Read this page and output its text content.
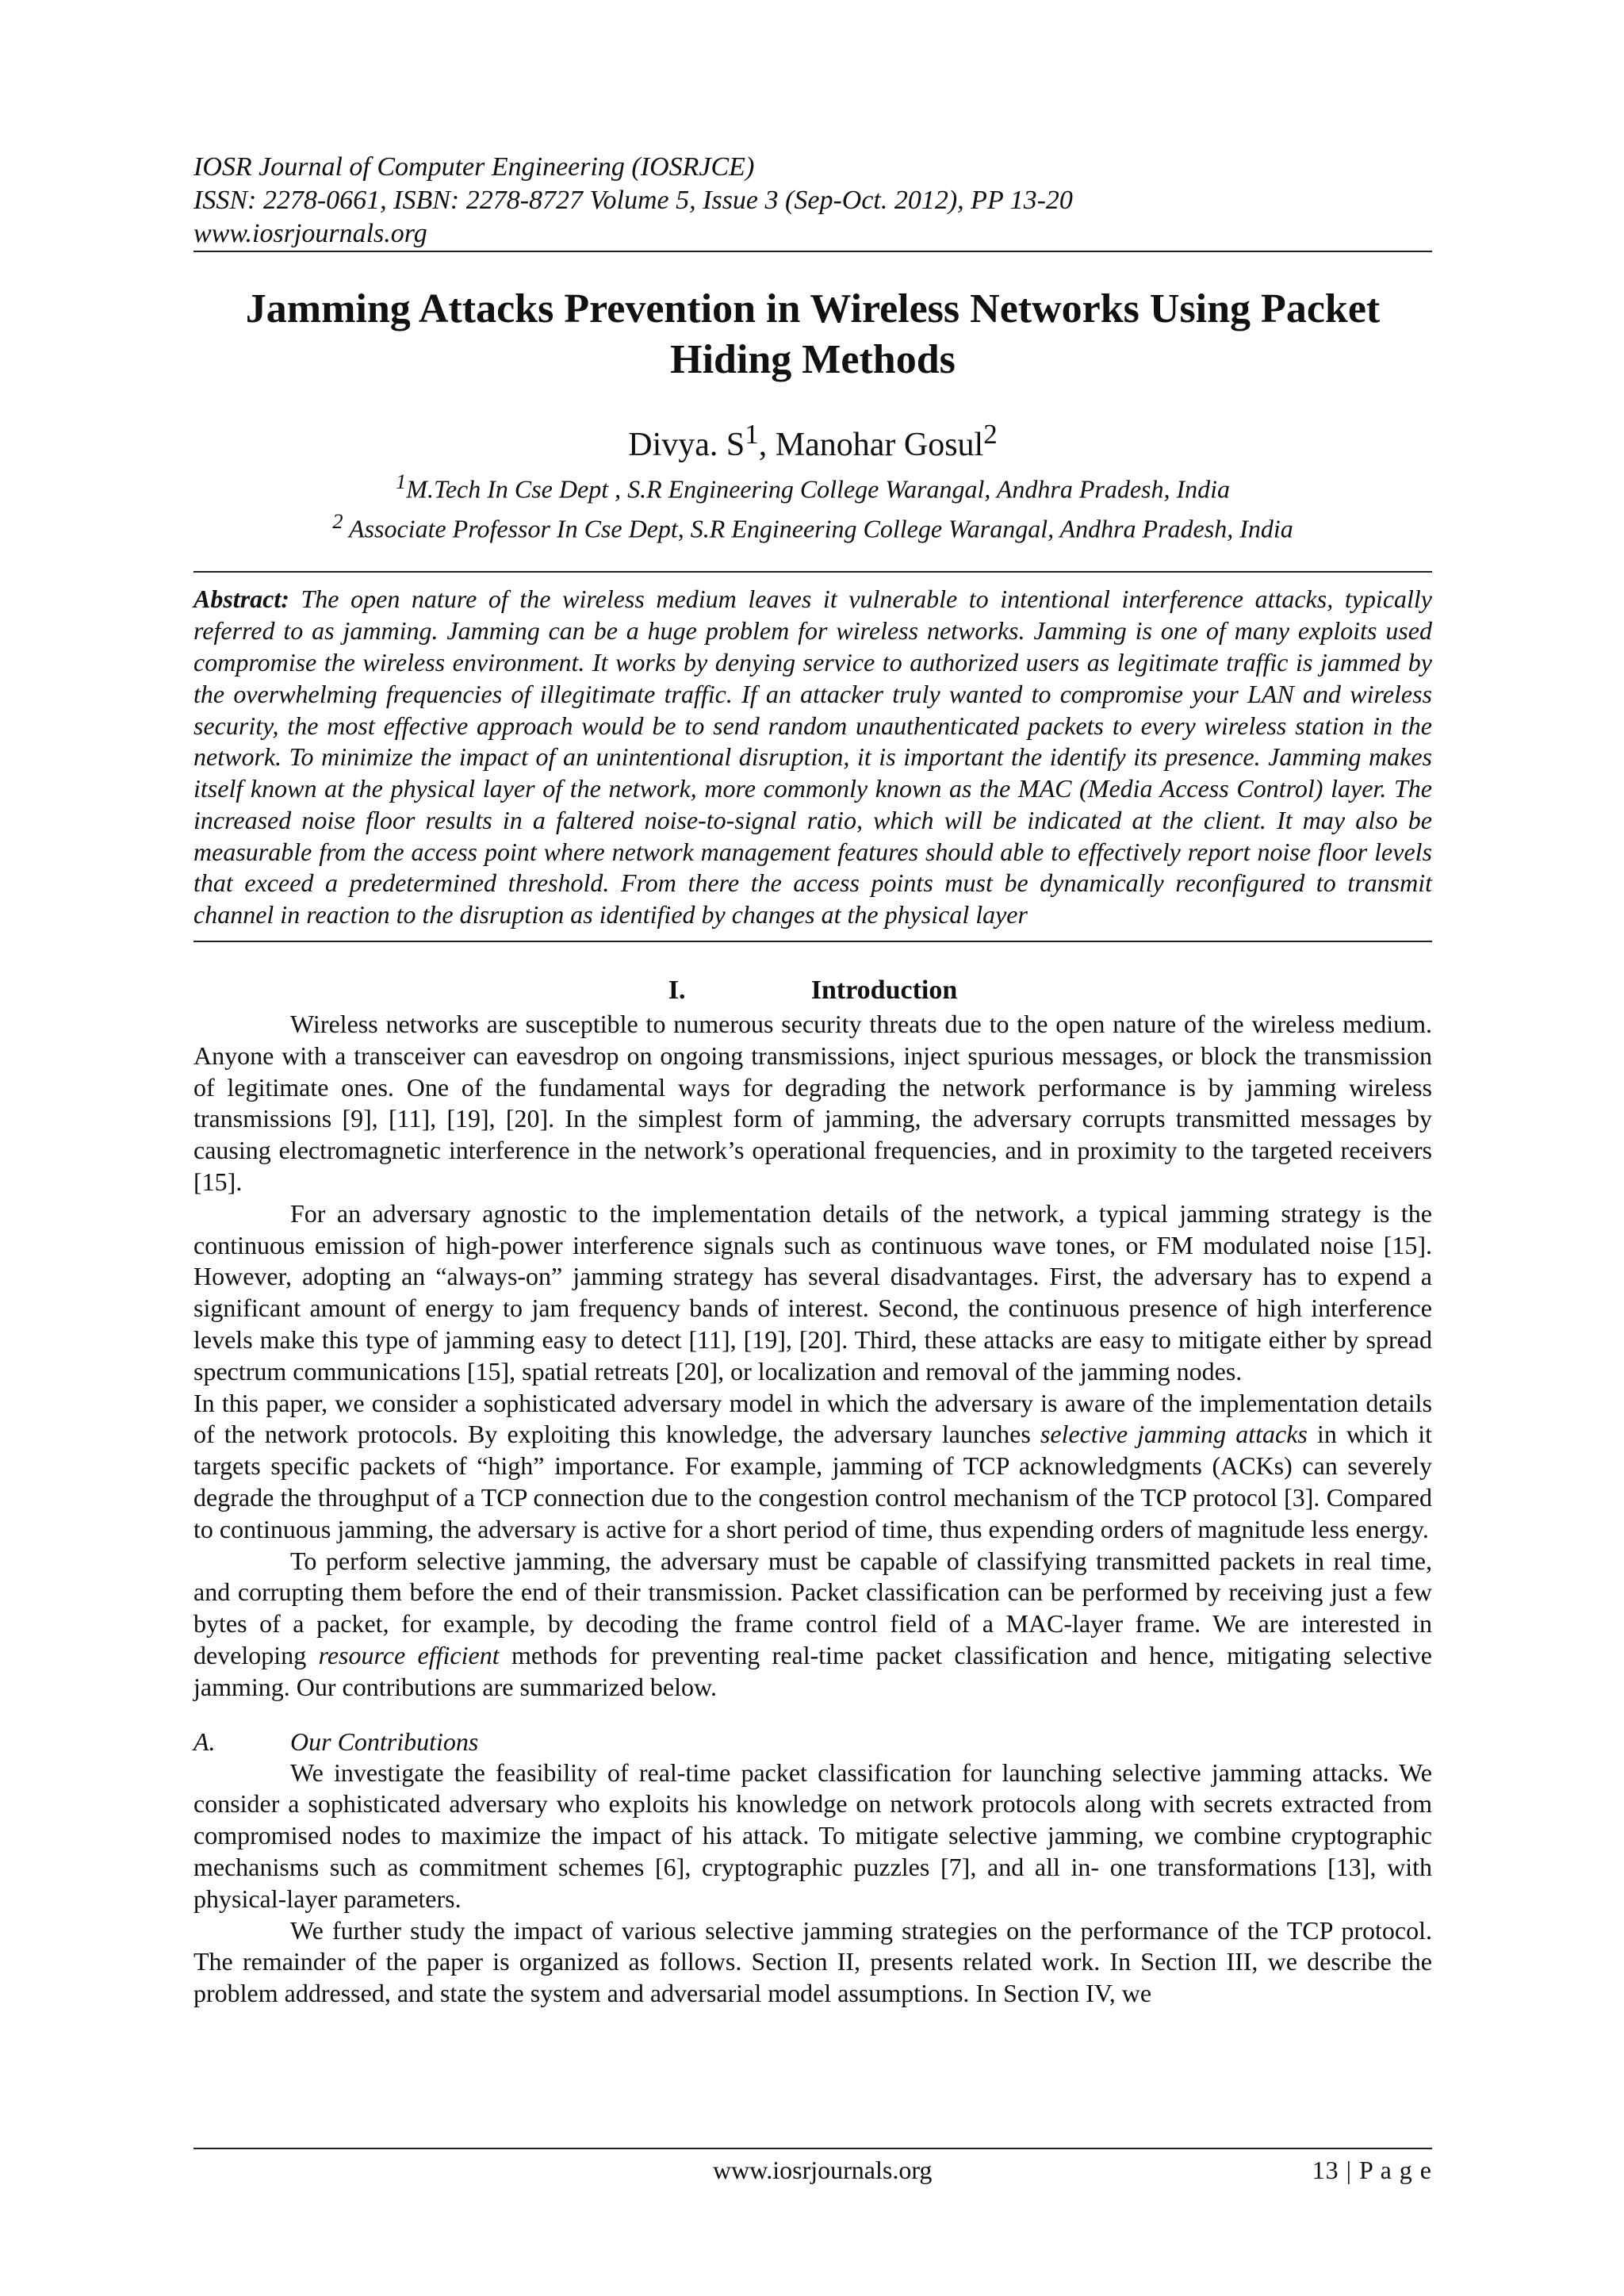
IOSR Journal of Computer Engineering (IOSRJCE)

ISSN: 2278-0661, ISBN: 2278-8727 Volume 5, Issue 3 (Sep-Oct. 2012), PP 13-20

www.iosrjournals.org

Jamming Attacks Prevention in Wireless Networks Using Packet
Hiding Methods
Divya. $S^1$, Manohar Gosul$^2$

$^1$M.Tech In Cse Dept , S.R Engineering College Warangal, Andhra Pradesh, India

$^2$ Associate Professor In Cse Dept, S.R Engineering College Warangal, Andhra Pradesh, India

Abstract: The open nature of the wireless medium leaves it vulnerable to intentional interference attacks, typically referred to as jamming. Jamming can be a huge problem for wireless networks. Jamming is one of many exploits used compromise the wireless environment. It works by denying service to authorized users as legitimate traffic is jammed by the overwhelming frequencies of illegitimate traffic. If an attacker truly wanted to compromise your LAN and wireless security, the most effective approach would be to send random unauthenticated packets to every wireless station in the network. To minimize the impact of an unintentional disruption, it is important the identify its presence. Jamming makes itself known at the physical layer of the network, more commonly known as the MAC (Media Access Control) layer. The increased noise floor results in a faltered noise-to-signal ratio, which will be indicated at the client. It may also be measurable from the access point where network management features should able to effectively report noise floor levels that exceed a predetermined threshold. From there the access points must be dynamically reconfigured to transmit channel in reaction to the disruption as identified by changes at the physical layer

I.	Introduction

Wireless networks are susceptible to numerous security threats due to the open nature of the wireless medium. Anyone with a transceiver can eavesdrop on ongoing transmissions, inject spurious messages, or block the transmission of legitimate ones. One of the fundamental ways for degrading the network performance is by jamming wireless transmissions [9], [11], [19], [20]. In the simplest form of jamming, the adversary corrupts transmitted messages by causing electromagnetic interference in the network’s operational frequencies, and in proximity to the targeted receivers [15].

For an adversary agnostic to the implementation details of the network, a typical jamming strategy is the continuous emission of high-power interference signals such as continuous wave tones, or FM modulated noise [15]. However, adopting an “always-on” jamming strategy has several disadvantages. First, the adversary has to expend a significant amount of energy to jam frequency bands of interest. Second, the continuous presence of high interference levels make this type of jamming easy to detect [11], [19], [20]. Third, these attacks are easy to mitigate either by spread spectrum communications [15], spatial retreats [20], or localization and removal of the jamming nodes.

In this paper, we consider a sophisticated adversary model in which the adversary is aware of the implementation details of the network protocols. By exploiting this knowledge, the adversary launches selective jamming attacks in which it targets specific packets of “high” importance. For example, jamming of TCP acknowledgments (ACKs) can severely degrade the throughput of a TCP connection due to the congestion control mechanism of the TCP protocol [3]. Compared to continuous jamming, the adversary is active for a short period of time, thus expending orders of magnitude less energy.

To perform selective jamming, the adversary must be capable of classifying transmitted packets in real time, and corrupting them before the end of their transmission. Packet classification can be performed by receiving just a few bytes of a packet, for example, by decoding the frame control field of a MAC-layer frame. We are interested in developing resource efficient methods for preventing real-time packet classification and hence, mitigating selective jamming. Our contributions are summarized below.

A.	Our Contributions

We investigate the feasibility of real-time packet classification for launching selective jamming attacks. We consider a sophisticated adversary who exploits his knowledge on network protocols along with secrets extracted from compromised nodes to maximize the impact of his attack. To mitigate selective jamming, we combine cryptographic mechanisms such as commitment schemes [6], cryptographic puzzles [7], and all in- one transformations [13], with physical-layer parameters.

We further study the impact of various selective jamming strategies on the performance of the TCP protocol. The remainder of the paper is organized as follows. Section II, presents related work. In Section III, we describe the problem addressed, and state the system and adversarial model assumptions. In Section IV, we

www.iosrjournals.org	13 | P a g e
